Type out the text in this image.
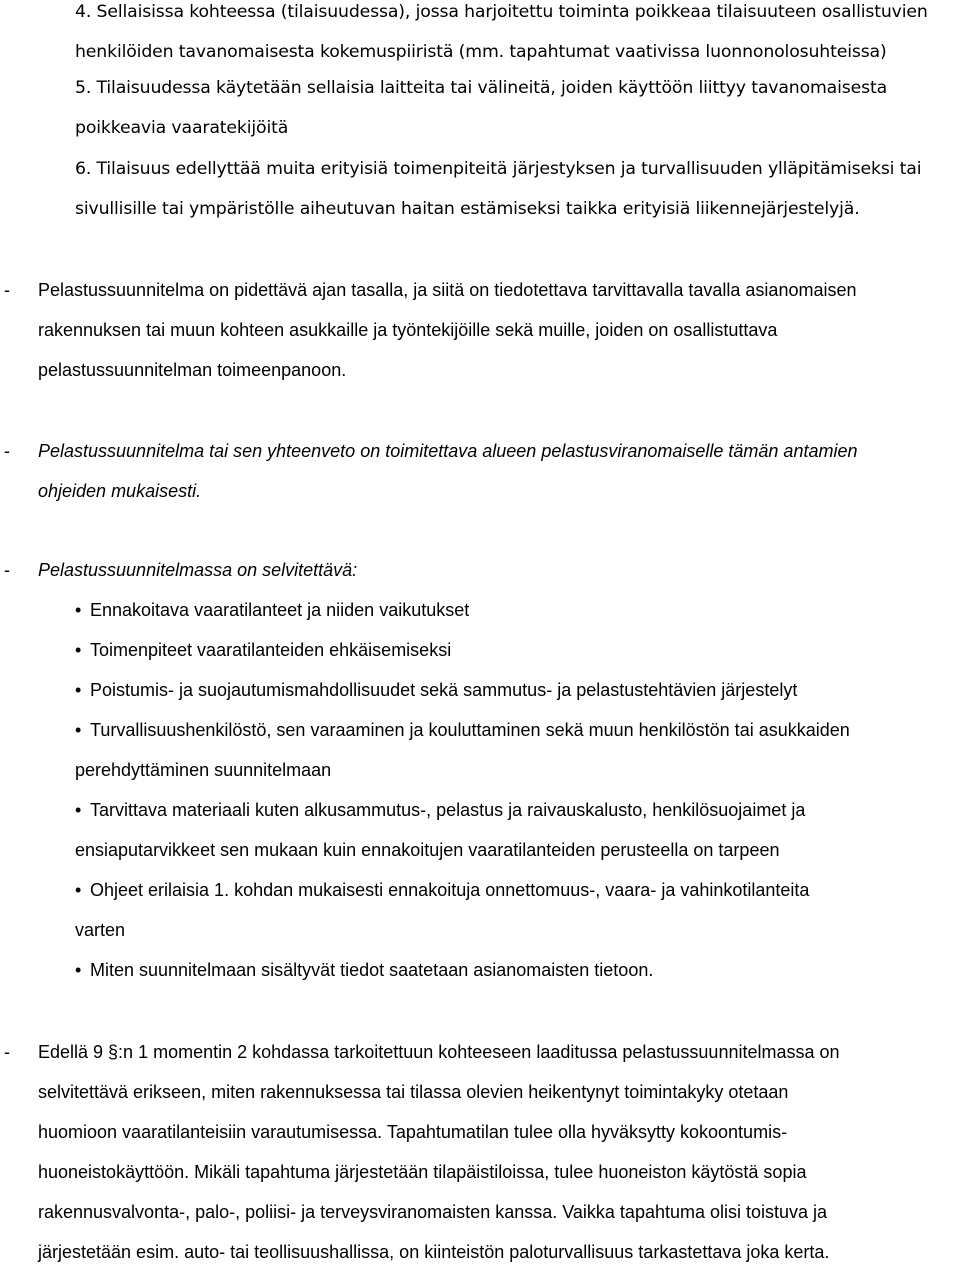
4. Sellaisissa kohteessa (tilaisuudessa), jossa harjoitettu toiminta poikkeaa tilaisuuteen osallistuvien
henkilöiden tavanomaisesta kokemuspiiristä (mm. tapahtumat vaativissa luonnonolosuhteissa)
5. Tilaisuudessa käytetään sellaisia laitteita tai välineitä, joiden käyttöön liittyy tavanomaisesta
poikkeavia vaaratekijöitä
6. Tilaisuus edellyttää muita erityisiä toimenpiteitä järjestyksen ja turvallisuuden ylläpitämiseksi tai
sivullisille tai ympäristölle aiheutuvan haitan estämiseksi taikka erityisiä liikennejärjestelyjä.
-	Pelastussuunnitelma on pidettävä ajan tasalla, ja siitä on tiedotettava tarvittavalla tavalla asianomaisen
rakennuksen tai muun kohteen asukkaille ja työntekijöille sekä muille, joiden on osallistuttava
pelastussuunnitelman toimeenpanoon.
-	Pelastussuunnitelma tai sen yhteenveto on toimitettava alueen pelastusviranomaiselle tämän antamien
ohjeiden mukaisesti.
-	Pelastussuunnitelmassa on selvitettävä:
• Ennakoitava vaaratilanteet ja niiden vaikutukset
• Toimenpiteet vaaratilanteiden ehkäisemiseksi
• Poistumis- ja suojautumismahdollisuudet sekä sammutus- ja pelastustehtävien järjestelyt
• Turvallisuushenkilöstö, sen varaaminen ja kouluttaminen sekä muun henkilöstön tai asukkaiden
perehdyttäminen suunnitelmaan
• Tarvittava materiaali kuten alkusammutus-, pelastus ja raivauskalusto, henkilösuojaimet ja
ensiaputarvikkeet sen mukaan kuin ennakoitujen vaaratilanteiden perusteella on tarpeen
• Ohjeet erilaisia 1. kohdan mukaisesti ennakoituja onnettomuus-, vaara- ja vahinkotilanteita
varten
• Miten suunnitelmaan sisältyvät tiedot saatetaan asianomaisten tietoon.
-	Edellä 9 §:n 1 momentin 2 kohdassa tarkoitettuun kohteeseen laaditussa pelastussuunnitelmassa on
selvitettävä erikseen, miten rakennuksessa tai tilassa olevien heikentynyt toimintakyky otetaan
huomioon vaaratilanteisiin varautumisessa. Tapahtumatilan tulee olla hyväksytty kokoontumis-
huoneistokäyttöön. Mikäli tapahtuma järjestetään tilapäistiloissa, tulee huoneiston käytöstä sopia
rakennusvalvonta-, palo-, poliisi- ja terveysviranomaisten kanssa. Vaikka tapahtuma olisi toistuva ja
järjestetään esim. auto- tai teollisuushallissa, on kiinteistön paloturvallisuus tarkastettava joka kerta.
